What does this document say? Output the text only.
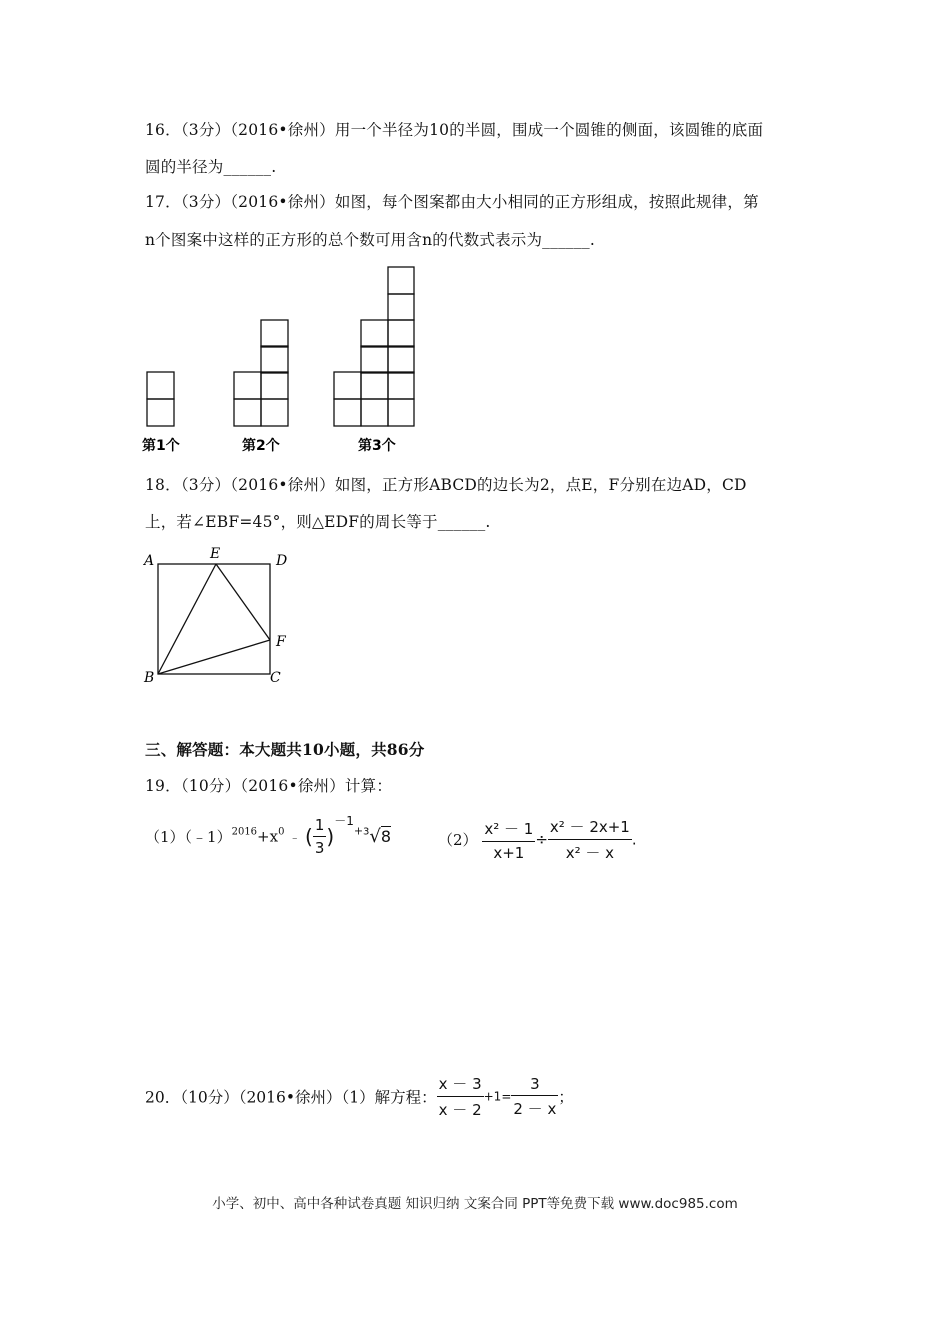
16．（3分）（2016•徐州）用一个半径为10的半圆，围成一个圆锥的侧面，该圆锥的底面
圆的半径为______.
17．（3分）（2016•徐州）如图，每个图案都由大小相同的正方形组成，按照此规律，第
n个图案中这样的正方形的总个数可用含n的代数式表示为______.
第1个	第2个	第3个
18．（3分）（2016•徐州）如图，正方形ABCD的边长为2，点E，F分别在边AD，CD
上，若∠EBF=45°，则△EDF的周长等于______.
A	E	D
F
B	C
三、解答题：本大题共10小题，共86分
19．（10分）（2016•徐州）计算：
$(1)(﹣1)^{2016}+x^0$ ﹣ ( $\frac{1}{3} )^{-1+3}√8$	$(2) \frac{\text{x² － 1}}{x+1} \div \frac{\text{x² － 2x+1}}{\text{x² － x}}$ .
20．（10分）（2016•徐州）（1）解方程： $\frac{x - 3}{x - 2} +1= \frac{3}{2 - x}$ ；
小学、初中、高中各种试卷真题 知识归纳 文案合同 PPT等免费下载 www.doc985.com
